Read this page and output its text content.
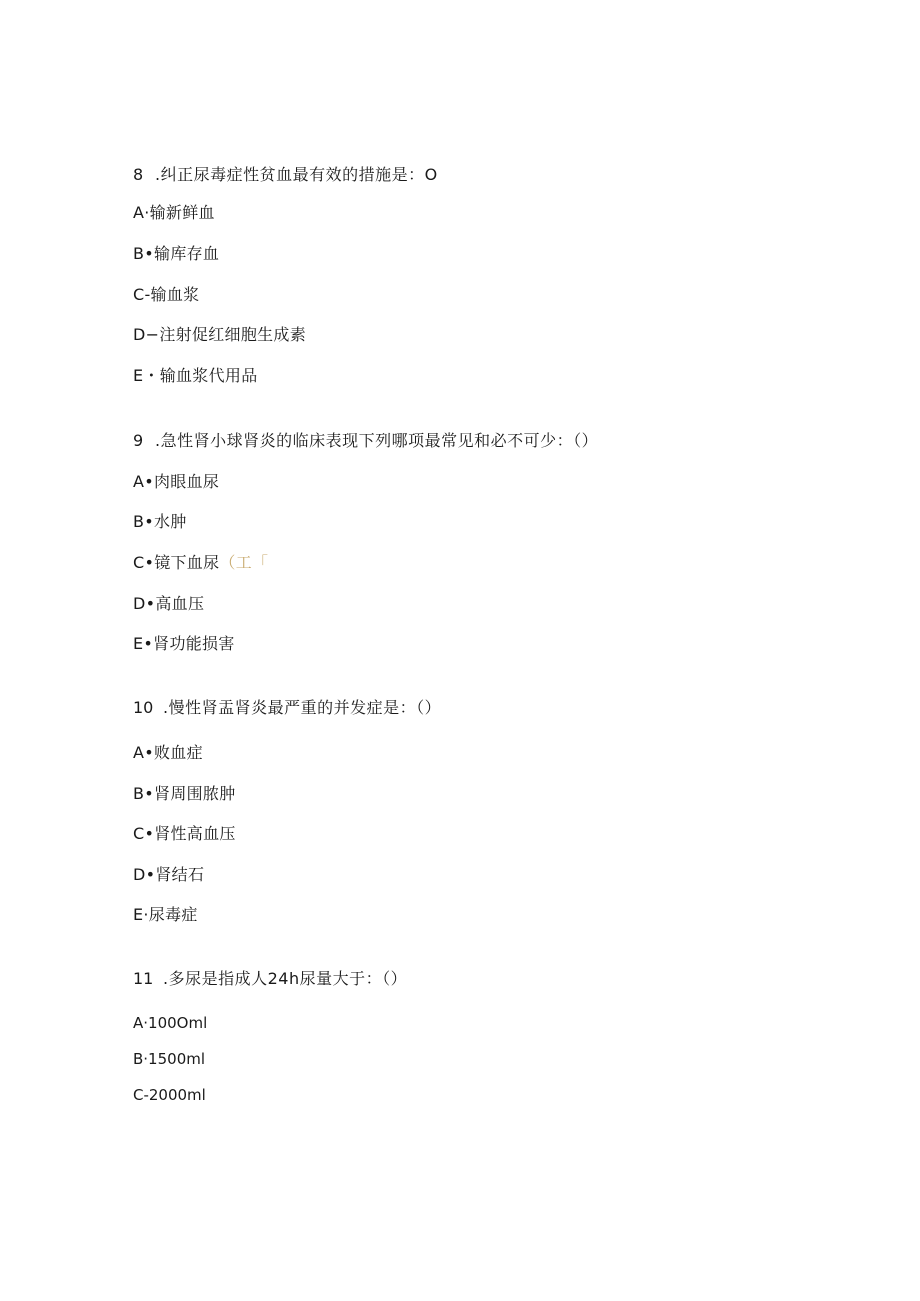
8 .纠正尿毒症性贫血最有效的措施是：O
A·输新鲜血
B•输库存血
C-输血浆
D−注射促红细胞生成素
E・输血浆代用品
9 .急性肾小球肾炎的临床表现下列哪项最常见和必不可少：（）
A•肉眼血尿
B•水肿
C•镜下血尿（工「
D•高血压
E•肾功能损害
10 .慢性肾盂肾炎最严重的并发症是：（）
A•败血症
B•肾周围脓肿
C•肾性高血压
D•肾结石
E·尿毒症
11 .多尿是指成人24h尿量大于：（）
A·100Oml
B·1500ml
C-2000ml
